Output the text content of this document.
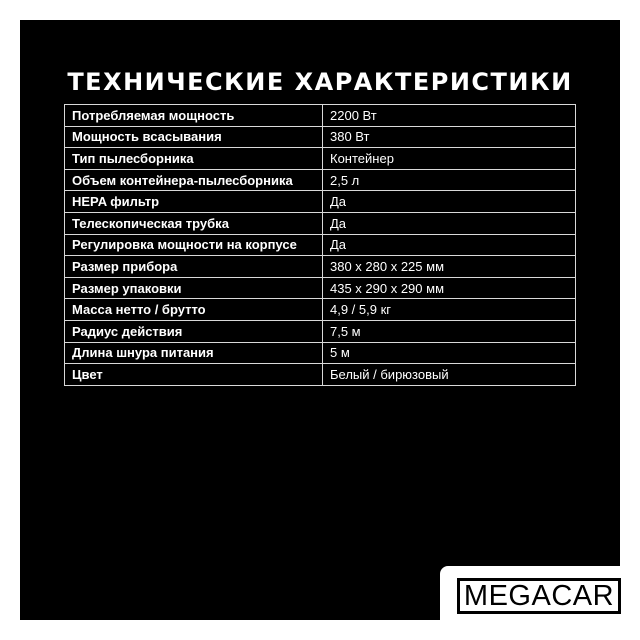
ТЕХНИЧЕСКИЕ ХАРАКТЕРИСТИКИ
Потребляемая мощность	2200 Вт
Мощность всасывания	380 Вт
Тип пылесборника	Контейнер
Объем контейнера-пылесборника	2,5 л
HEPA фильтр	Да
Телескопическая трубка	Да
Регулировка мощности на корпусе	Да
Размер прибора	380 х 280 х 225 мм
Размер упаковки	435 х 290 х 290 мм
Масса нетто / брутто	4,9 / 5,9 кг
Радиус действия	7,5 м
Длина шнура питания	5 м
Цвет	Белый / бирюзовый
MEGACAR
